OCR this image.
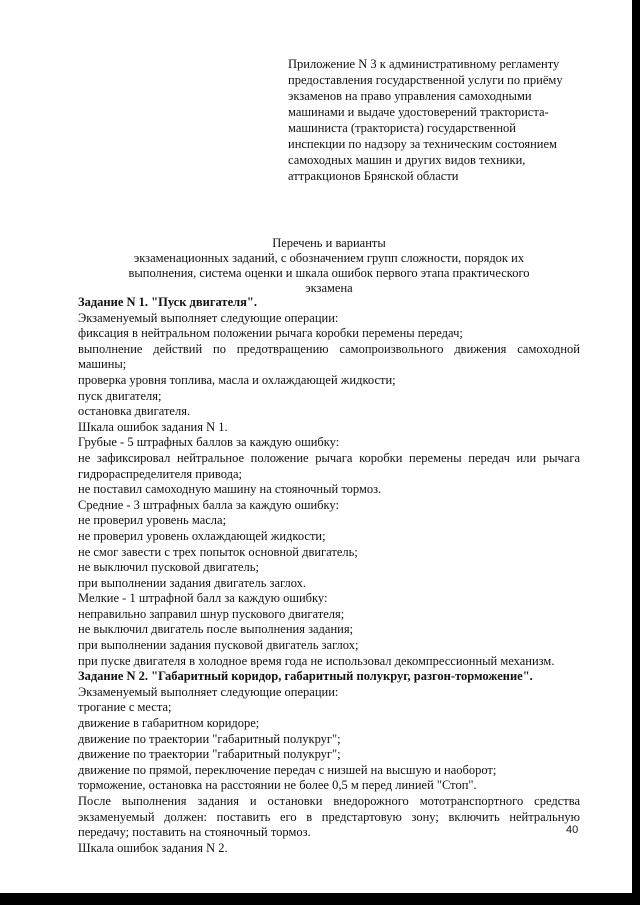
Приложение N 3 к административному регламенту
предоставления государственной услуги по приёму
экзаменов на право управления самоходными
машинами и выдаче удостоверений тракториста-
машиниста (тракториста) государственной
инспекции по надзору за техническим состоянием
самоходных машин и других видов техники,
аттракционов Брянской области
Перечень и варианты
экзаменационных заданий, с обозначением групп сложности, порядок их
выполнения, система оценки и шкала ошибок первого этапа практического
экзамена
Задание N 1. "Пуск двигателя".
Экзаменуемый выполняет следующие операции:
фиксация в нейтральном положении рычага коробки перемены передач;
выполнение действий по предотвращению самопроизвольного движения самоходной
машины;
проверка уровня топлива, масла и охлаждающей жидкости;
пуск двигателя;
остановка двигателя.
Шкала ошибок задания N 1.
Грубые - 5 штрафных баллов за каждую ошибку:
не зафиксировал нейтральное положение рычага коробки перемены передач или рычага
гидрораспределителя привода;
не поставил самоходную машину на стояночный тормоз.
Средние - 3 штрафных балла за каждую ошибку:
не проверил уровень масла;
не проверил уровень охлаждающей жидкости;
не смог завести с трех попыток основной двигатель;
не выключил пусковой двигатель;
при выполнении задания двигатель заглох.
Мелкие - 1 штрафной балл за каждую ошибку:
неправильно заправил шнур пускового двигателя;
не выключил двигатель после выполнения задания;
при выполнении задания пусковой двигатель заглох;
при пуске двигателя в холодное время года не использовал декомпрессионный механизм.
Задание N 2. "Габаритный коридор, габаритный полукруг, разгон-торможение".
Экзаменуемый выполняет следующие операции:
трогание с места;
движение в габаритном коридоре;
движение по траектории "габаритный полукруг";
движение по траектории "габаритный полукруг";
движение по прямой, переключение передач с низшей на высшую и наоборот;
торможение, остановка на расстоянии не более 0,5 м перед линией "Стоп".
После выполнения задания и остановки внедорожного мототранспортного средства
экзаменуемый должен: поставить его в предстартовую зону; включить нейтральную
передачу; поставить на стояночный тормоз.
Шкала ошибок задания N 2.
40
